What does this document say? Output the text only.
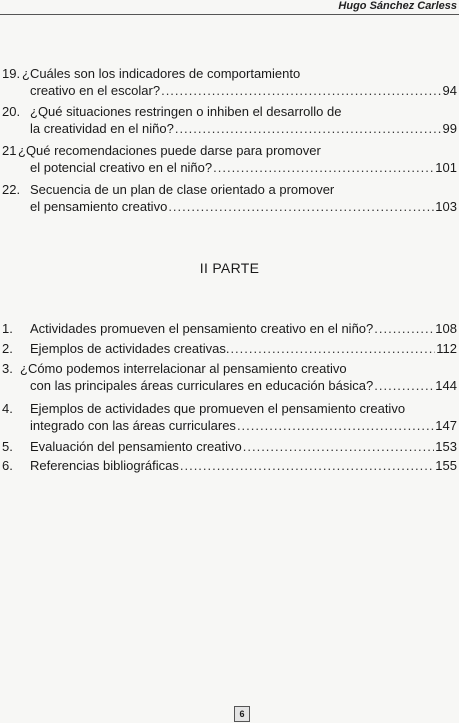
Hugo Sánchez Carless
19. ¿Cuáles son los indicadores de comportamiento
creativo en el escolar? .....	94
20. ¿Qué situaciones restringen o inhiben el desarrollo de
la creatividad en el niño? .....	99
21 ¿Qué recomendaciones puede darse para promover
el potencial creativo en el niño? .....	101
22. Secuencia de un plan de clase orientado a promover
el pensamiento creativo .....	103
II PARTE
1. Actividades promueven el pensamiento creativo en el niño? .....	108
2. Ejemplos de actividades creativas. .....	112
3. ¿Cómo podemos interrelacionar al pensamiento creativo
con las principales áreas curriculares en educación básica? .....	144
4. Ejemplos de actividades que promueven el pensamiento creativo
integrado con las áreas curriculares .....	147
5. Evaluación del pensamiento creativo .....	153
6. Referencias bibliográficas .....	155
6
